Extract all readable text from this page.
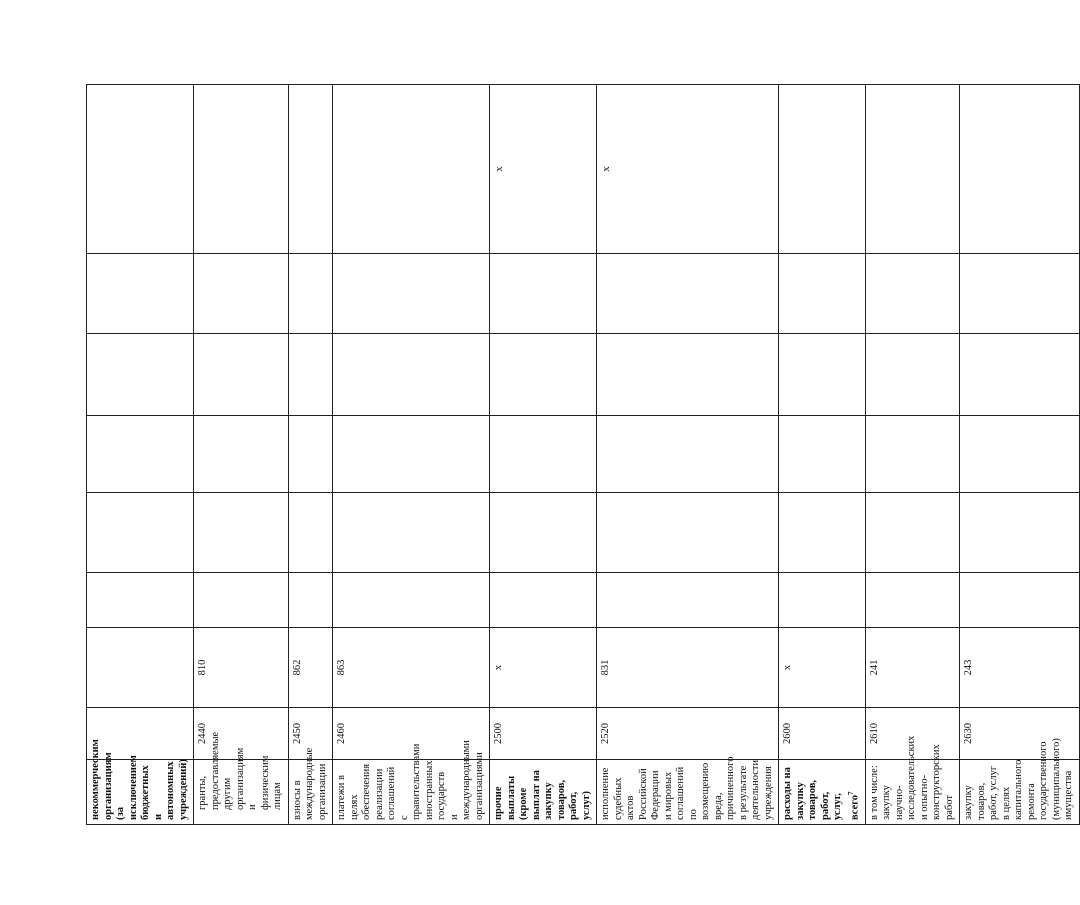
некоммерческим организациям (за исключением бюджетных и автономных учреждений)								
гранты, предоставляемые другим организациям и физическим лицам	2440	810						
взносы в международные организации	2450	862						
платежи в целях обеспечения реализации соглашений с правительствами иностранных государств и международными организациями	2460	863						
прочие выплаты (кроме выплат на закупку товаров, работ, услуг)	2500	x						x
исполнение судебных актов Российской Федерации и мировых соглашений по возмещению вреда, причиненного в результате деятельности учреждения	2520	831						x
расходы на закупку товаров, работ, услуг, всего$^7$	2600	x						

в том числе: закупку научно-исследовательских и опытно-конструкторских работ	2610	241						
закупку товаров, работ, услуг в целях капитального ремонта государственного (муниципального) имущества	2630	243						
